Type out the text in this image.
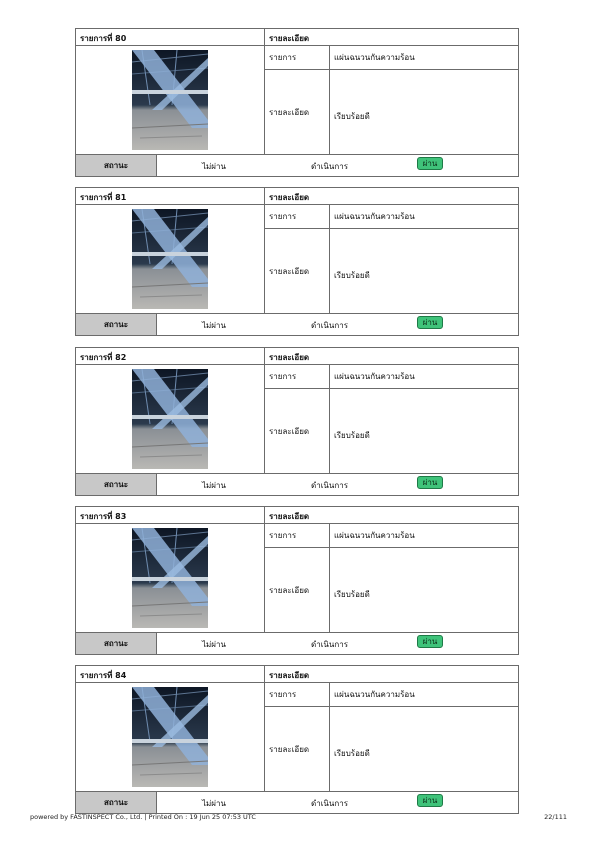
รายการที่ 80	รายละเอียด
รายการ	แผ่นฉนวนกันความร้อน
รายละเอียด	เรียบร้อยดี
สถานะ	ไม่ผ่าน	ดำเนินการ	ผ่าน
รายการที่ 81	รายละเอียด
รายการ	แผ่นฉนวนกันความร้อน
รายละเอียด	เรียบร้อยดี
สถานะ	ไม่ผ่าน	ดำเนินการ	ผ่าน
รายการที่ 82	รายละเอียด
รายการ	แผ่นฉนวนกันความร้อน
รายละเอียด	เรียบร้อยดี
สถานะ	ไม่ผ่าน	ดำเนินการ	ผ่าน
รายการที่ 83	รายละเอียด
รายการ	แผ่นฉนวนกันความร้อน
รายละเอียด	เรียบร้อยดี
สถานะ	ไม่ผ่าน	ดำเนินการ	ผ่าน
รายการที่ 84	รายละเอียด
รายการ	แผ่นฉนวนกันความร้อน
รายละเอียด	เรียบร้อยดี
สถานะ	ไม่ผ่าน	ดำเนินการ	ผ่าน
powered by FASTINSPECT Co., Ltd. | Printed On : 19 Jun 25 07:53 UTC	22/111
